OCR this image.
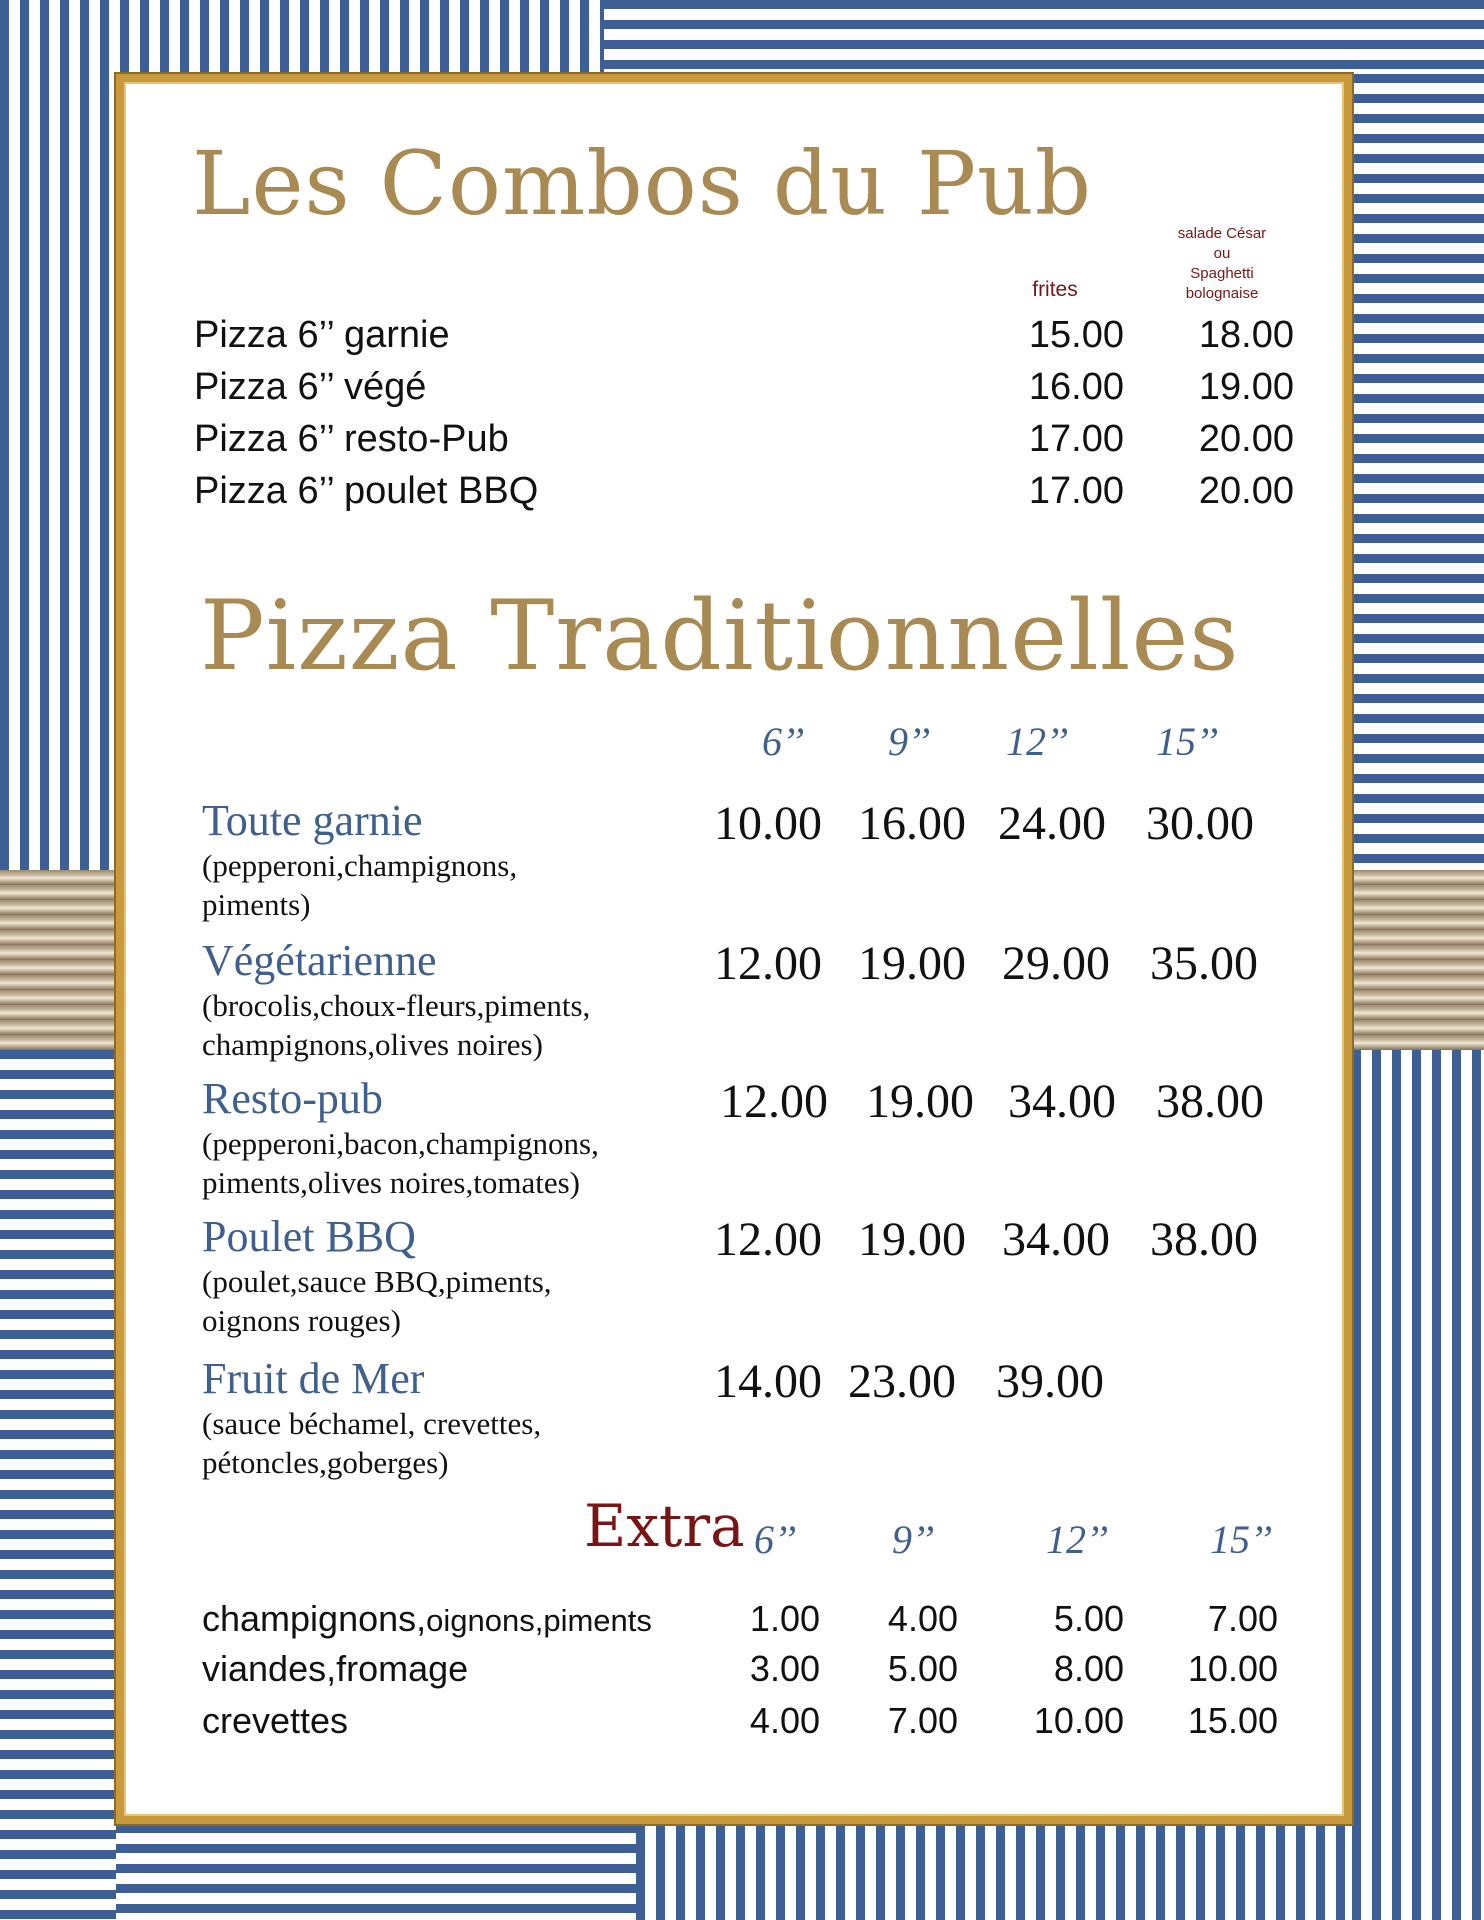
Les Combos du Pub
frites
salade César
ou
Spaghetti
bolognaise
Pizza 6’’ garnie	15.00	18.00
Pizza 6’’ végé	16.00	19.00
Pizza 6’’ resto-Pub	17.00	20.00
Pizza 6’’ poulet BBQ	17.00	20.00
Pizza Traditionnelles
6’’ 9’’ 12’’ 15’’
Toute garnie
(pepperoni,champignons,
piments)
10.00 16.00 24.00 30.00
Végétarienne
(brocolis,choux-fleurs,piments,
champignons,olives noires)
12.00 19.00 29.00 35.00
Resto-pub
(pepperoni,bacon,champignons,
piments,olives noires,tomates)
12.00 19.00 34.00 38.00
Poulet BBQ
(poulet,sauce BBQ,piments,
oignons rouges)
12.00 19.00 34.00 38.00
Fruit de Mer
(sauce béchamel, crevettes,
pétoncles,goberges)
14.00 23.00 39.00
Extra 6’’ 9’’	12’’	15’’
champignons,oignons,piments	1.00	4.00	5.00	7.00
viandes,fromage	3.00	5.00	8.00	10.00
crevettes	4.00	7.00	10.00	15.00
